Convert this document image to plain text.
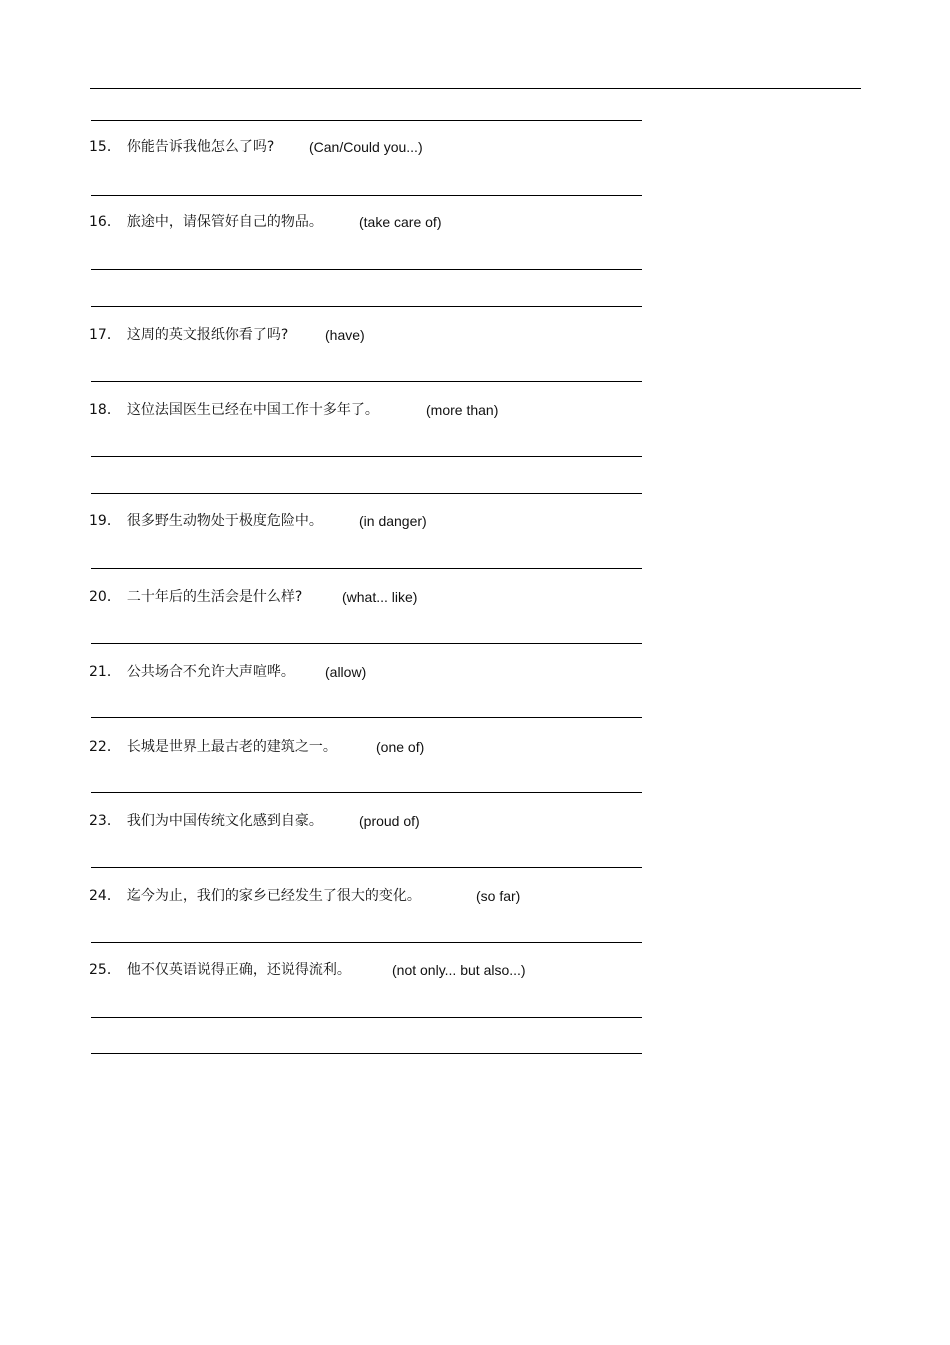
15． 你能告诉我他怎么了吗? (Can/Could you...)
16． 旅途中，请保管好自己的物品。	(take care of)
17． 这周的英文报纸你看了吗?	(have)
18． 这位法国医生已经在中国工作十多年了。	(more than)
19． 很多野生动物处于极度危险中。	(in danger)
20． 二十年后的生活会是什么样?	(what... like)
21． 公共场合不允许大声喧哗。 (allow)
22． 长城是世界上最古老的建筑之一。	(one of)
23． 我们为中国传统文化感到自豪。	(proud of)
24． 迄今为止，我们的家乡已经发生了很大的变化。	(so far)
25． 他不仅英语说得正确，还说得流利。	(not only... but also...)
